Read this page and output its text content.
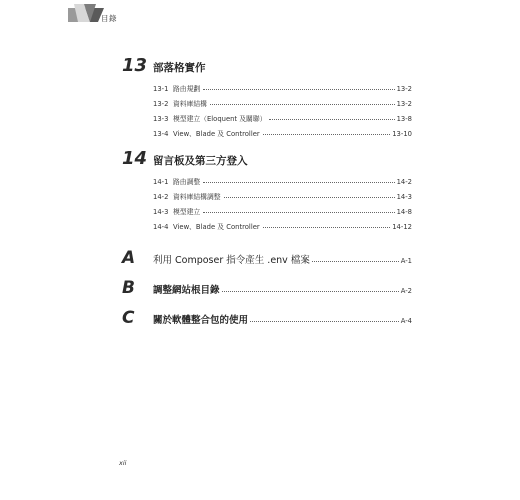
目錄
13 部落格實作
13-1 路由規劃	13-2
13-2 資料庫結構	13-2
13-3 模型建立（Eloquent 及關聯）	13-8
13-4 View、Blade 及 Controller	13-10
14 留言板及第三方登入
14-1 路由調整	14-2
14-2 資料庫結構調整	14-3
14-3 模型建立	14-8
14-4 View、Blade 及 Controller	14-12
A	利用 Composer 指令產生 .env 檔案	A-1
B	調整網站根目錄	A-2
C	關於軟體整合包的使用	A-4
xii
